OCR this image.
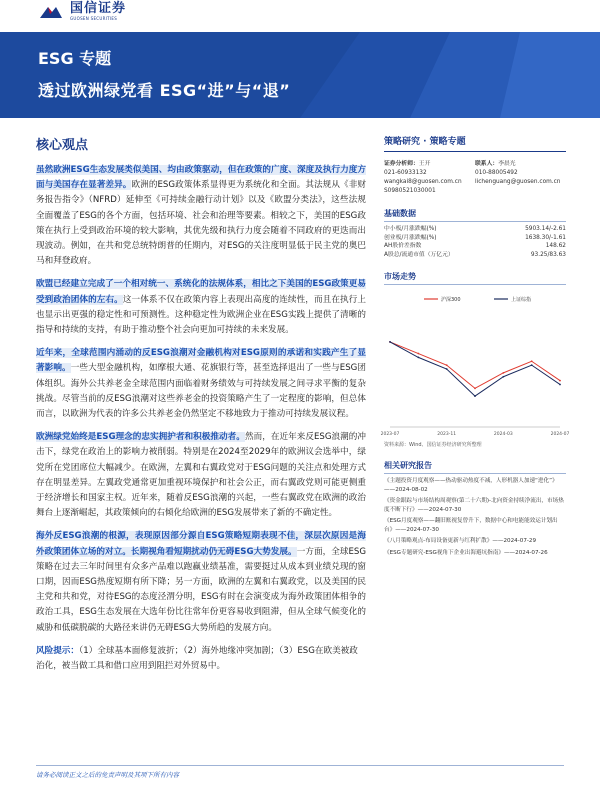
国信证券
GUOSEN SECURITIES
ESG 专题
透过欧洲绿党看 ESG“进”与“退”
核心观点

虽然欧洲ESG生态发展类似美国、均由政策驱动，但在政策的广度、深度及执行力度方面与美国存在显著差异。欧洲的ESG政策体系显得更为系统化和全面。其法规从《非财务报告指令》（NFRD）延伸至《可持续金融行动计划》以及《欧盟分类法》，这些法规全面覆盖了ESG的各个方面，包括环境、社会和治理等要素。相较之下，美国的ESG政策在执行上受到政治环境的较大影响，其优先级和执行力度会随着不同政府的更迭而出现波动。例如，在共和党总统特朗普的任期内，对ESG的关注度明显低于民主党的奥巴马和拜登政府。

欧盟已经建立完成了一个相对统一、系统化的法规体系，相比之下美国的ESG政策更易受到政治团体的左右。这一体系不仅在政策内容上表现出高度的连续性，而且在执行上也显示出更强的稳定性和可预测性。这种稳定性为欧洲企业在ESG实践上提供了清晰的指导和持续的支持，有助于推动整个社会向更加可持续的未来发展。

近年来，全球范围内涌动的反ESG浪潮对金融机构对ESG原则的承诺和实践产生了显著影响。一些大型金融机构，如摩根大通、花旗银行等，甚至选择退出了一些与ESG团体组织。海外公共养老金全球范围内面临着财务绩效与可持续发展之间寻求平衡的复杂挑战。尽管当前的反ESG浪潮对这些养老金的投资策略产生了一定程度的影响，但总体而言，以欧洲为代表的许多公共养老金仍然坚定不移地致力于推动可持续发展议程。

欧洲绿党始终是ESG理念的忠实拥护者和积极推动者。然而，在近年来反ESG浪潮的冲击下，绿党在政治上的影响力被削弱。特别是在2024至2029年的欧洲议会选举中，绿党所在党团席位大幅减少。在欧洲，左翼和右翼政党对于ESG问题的关注点和处理方式存在明显差异。左翼政党通常更加重视环境保护和社会公正，而右翼政党则可能更侧重于经济增长和国家主权。近年来，随着反ESG浪潮的兴起，一些右翼政党在欧洲的政治舞台上逐渐崛起，其政策倾向的右倾化给欧洲的ESG发展带来了新的不确定性。

海外反ESG浪潮的根源，表现原因部分源自ESG策略短期表现不佳，深层次原因是海外政策团体立场的对立。长期视角看短期扰动仍无碍ESG大势发展。一方面，全球ESG策略在过去三年时间里有众多产品难以跑赢业绩基准，需要挺过从成本到业绩兑现的窗口期，因而ESG热度短期有所下降；另一方面，欧洲的左翼和右翼政党，以及美国的民主党和共和党，对待ESG的态度泾渭分明，ESG有时在会演变成为海外政策团体相争的政治工具，ESG生态发展在大选年份比往常年份更容易收到阻滞，但从全球气候变化的威胁和低碳脱碳的大路径来讲仍无碍ESG大势所趋的发展方向。

风险提示：（1）全球基本面修复波折；（2）海外地缘冲突加剧；（3）ESG在欧美被政治化，被当做工具和借口应用到阻拦对外贸易中。

策略研究 · 策略专题
证券分析师：王开
021-60933132
wangkai8@guosen.com.cn
S0980521030001
联系人：李晨光
010-88005492
lichenguang@guosen.com.cn
基础数据
中小板/月涨跌幅(%)	5903.14/-2.61
创业板/月涨跌幅(%)	1638.30/-1.61
AH股价差指数	148.62
A股总/流通市值（万亿元）	93.25/83.63
市场走势
2023-07	2023-11	2024-03	2024-07
沪深300	上证综指
资料来源：Wind、国信证券经济研究所整理
相关研究报告
《主题投资月度观察——热动驱动热度不减，人形机器人加速“进化”》——2024-08-02
《资金跟踪与市场结构周观察(第二十六期)-北向资金持续净流出，市场热度不断下行》——2024-07-30
《ESG月度观察——翻旧账视复曾升下，数据中心和电能能效运计划出台》——2024-07-30
《八月策略观点-布局设备更新与红利扩散》——2024-07-29
《ESG专题研究-ESG视角下企业出海避坑指南》——2024-07-26
请务必阅读正文之后的免责声明及其项下所有内容
